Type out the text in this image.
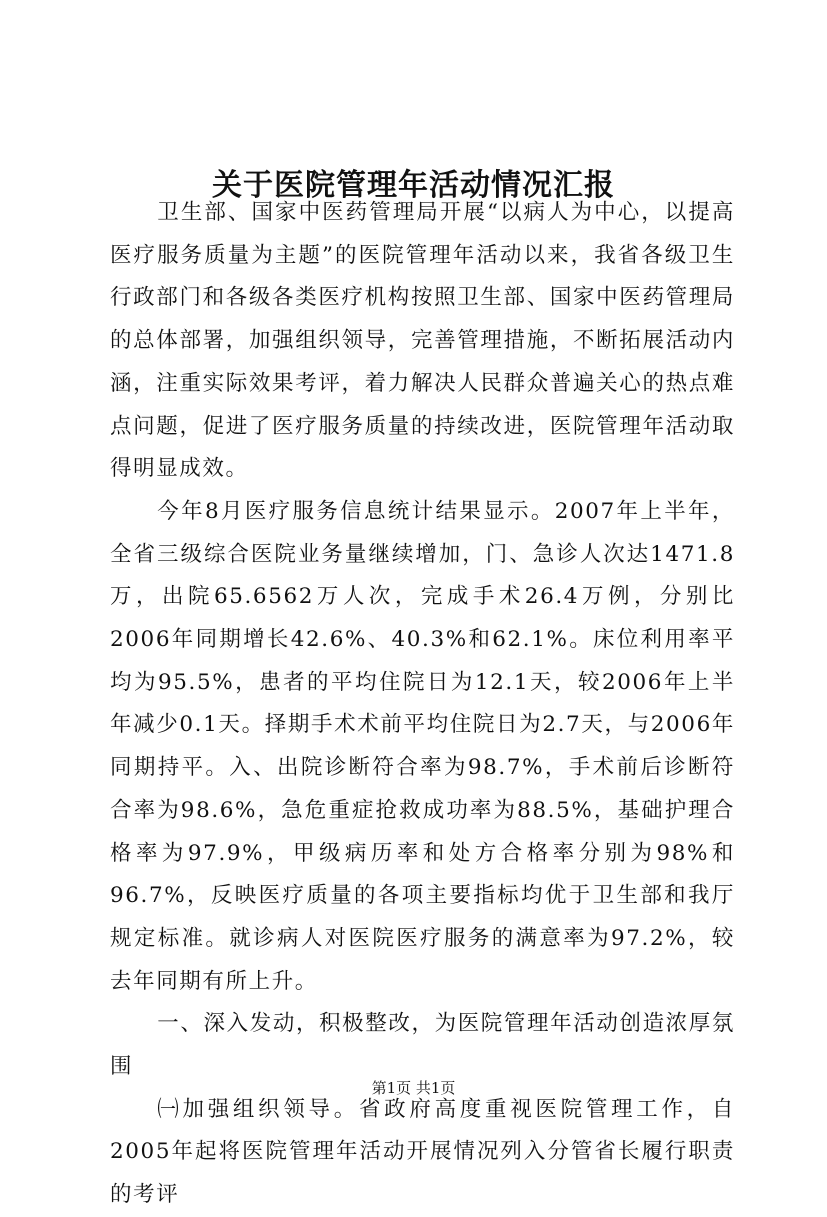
关于医院管理年活动情况汇报

卫生部、国家中医药管理局开展“以病人为中心，以提高医疗服务质量为主题”的医院管理年活动以来，我省各级卫生行政部门和各级各类医疗机构按照卫生部、国家中医药管理局的总体部署，加强组织领导，完善管理措施，不断拓展活动内涵，注重实际效果考评，着力解决人民群众普遍关心的热点难点问题，促进了医疗服务质量的持续改进，医院管理年活动取得明显成效。

今年8月医疗服务信息统计结果显示。2007年上半年，全省三级综合医院业务量继续增加，门、急诊人次达1471.8万，出院65.6562万人次，完成手术26.4万例，分别比2006年同期增长42.6%、40.3%和62.1%。床位利用率平均为95.5%，患者的平均住院日为12.1天，较2006年上半年减少0.1天。择期手术术前平均住院日为2.7天，与2006年同期持平。入、出院诊断符合率为98.7%，手术前后诊断符合率为98.6%，急危重症抢救成功率为88.5%，基础护理合格率为97.9%，甲级病历率和处方合格率分别为98%和96.7%，反映医疗质量的各项主要指标均优于卫生部和我厅规定标准。就诊病人对医院医疗服务的满意率为97.2%，较去年同期有所上升。

一、深入发动，积极整改，为医院管理年活动创造浓厚氛围

㈠加强组织领导。省政府高度重视医院管理工作，自2005年起将医院管理年活动开展情况列入分管省长履行职责的考评

第1页 共1页
